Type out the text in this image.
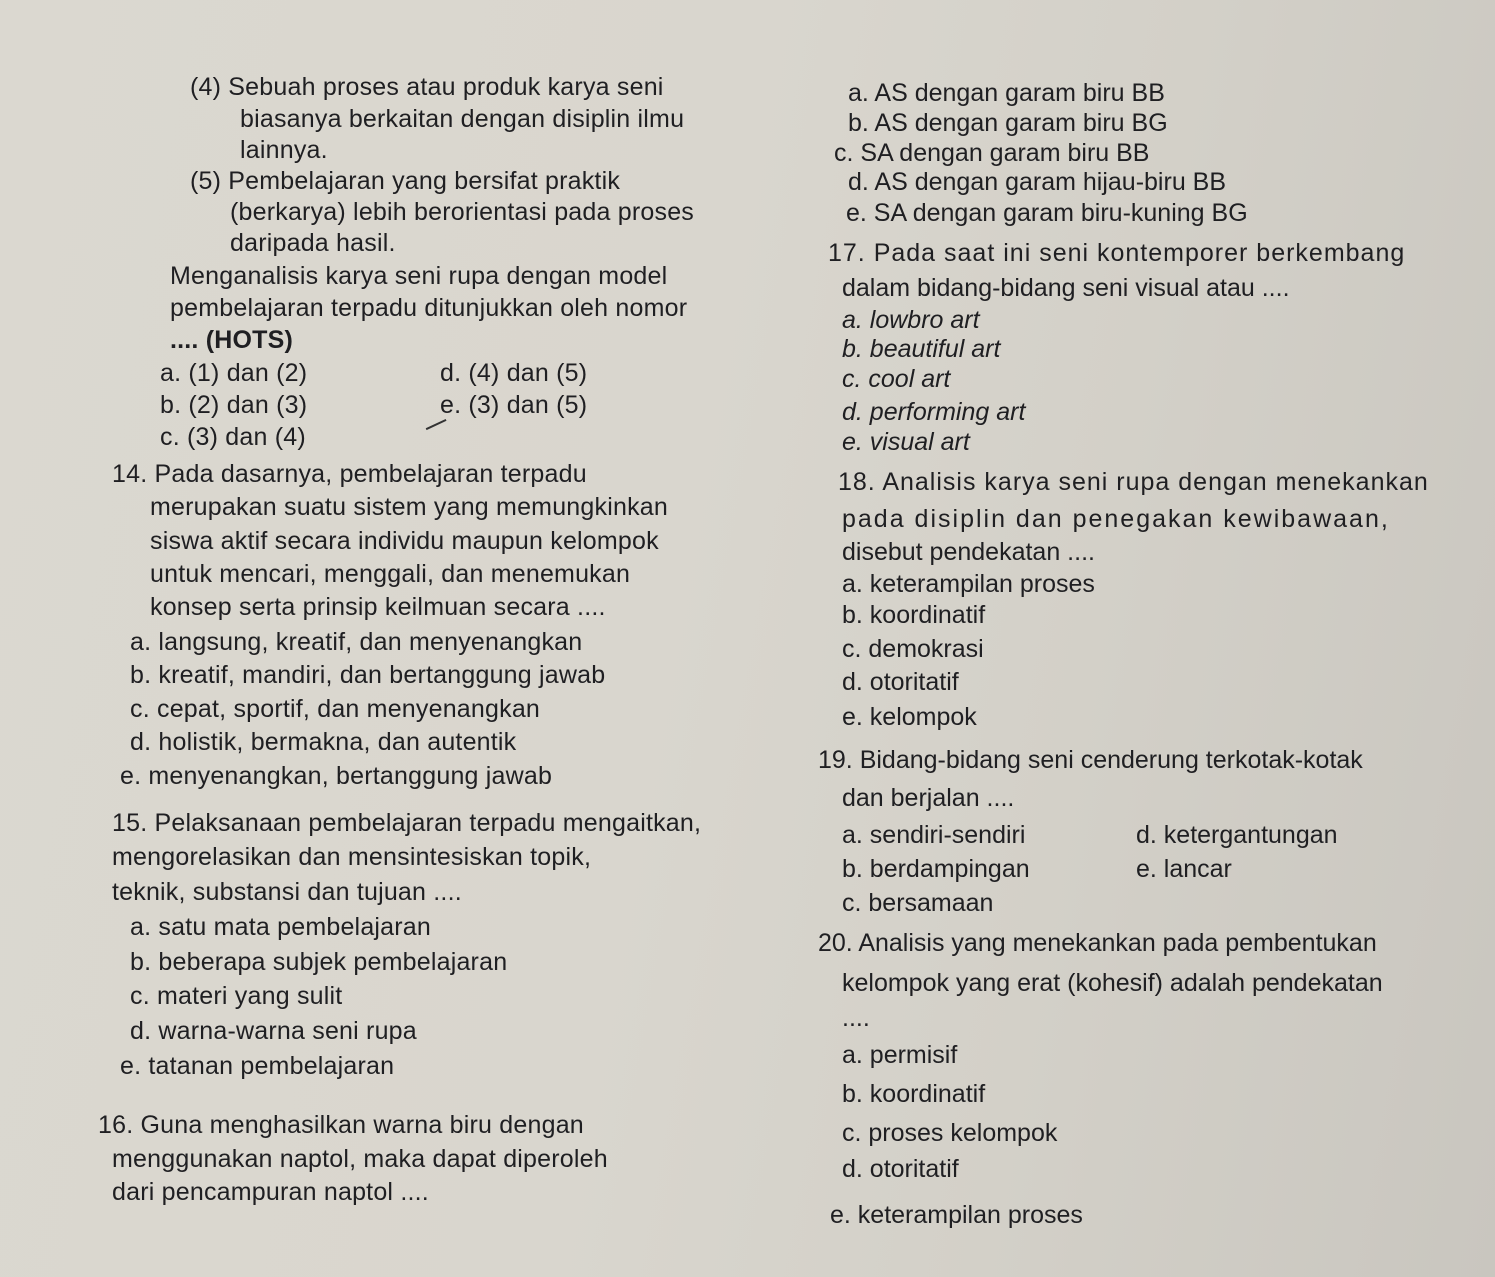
(4) Sebuah proses atau produk karya seni
biasanya berkaitan dengan disiplin ilmu
lainnya.
(5) Pembelajaran yang bersifat praktik
(berkarya) lebih berorientasi pada proses
daripada hasil.
Menganalisis karya seni rupa dengan model
pembelajaran terpadu ditunjukkan oleh nomor
.... (HOTS)
a. (1) dan (2)	d. (4) dan (5)
b. (2) dan (3)	e. (3) dan (5)
c. (3) dan (4)
14. Pada dasarnya, pembelajaran terpadu
merupakan suatu sistem yang memungkinkan
siswa aktif secara individu maupun kelompok
untuk mencari, menggali, dan menemukan
konsep serta prinsip keilmuan secara ....
a. langsung, kreatif, dan menyenangkan
b. kreatif, mandiri, dan bertanggung jawab
c. cepat, sportif, dan menyenangkan
d. holistik, bermakna, dan autentik
e. menyenangkan, bertanggung jawab
15. Pelaksanaan pembelajaran terpadu mengaitkan,
mengorelasikan dan mensintesiskan topik,
teknik, substansi dan tujuan ....
a. satu mata pembelajaran
b. beberapa subjek pembelajaran
c. materi yang sulit
d. warna-warna seni rupa
e. tatanan pembelajaran
16. Guna menghasilkan warna biru dengan
menggunakan naptol, maka dapat diperoleh
dari pencampuran naptol ....
a. AS dengan garam biru BB
b. AS dengan garam biru BG
c. SA dengan garam biru BB
d. AS dengan garam hijau-biru BB
e. SA dengan garam biru-kuning BG
17. Pada saat ini seni kontemporer berkembang
dalam bidang-bidang seni visual atau ....
a. lowbro art
b. beautiful art
c. cool art
d. performing art
e. visual art
18. Analisis karya seni rupa dengan menekankan
pada disiplin dan penegakan kewibawaan,
disebut pendekatan ....
a. keterampilan proses
b. koordinatif
c. demokrasi
d. otoritatif
e. kelompok
19. Bidang-bidang seni cenderung terkotak-kotak
dan berjalan ....
a. sendiri-sendiri	d. ketergantungan
b. berdampingan	e. lancar
c. bersamaan
20. Analisis yang menekankan pada pembentukan
kelompok yang erat (kohesif) adalah pendekatan
....
a. permisif
b. koordinatif
c. proses kelompok
d. otoritatif
e. keterampilan proses
